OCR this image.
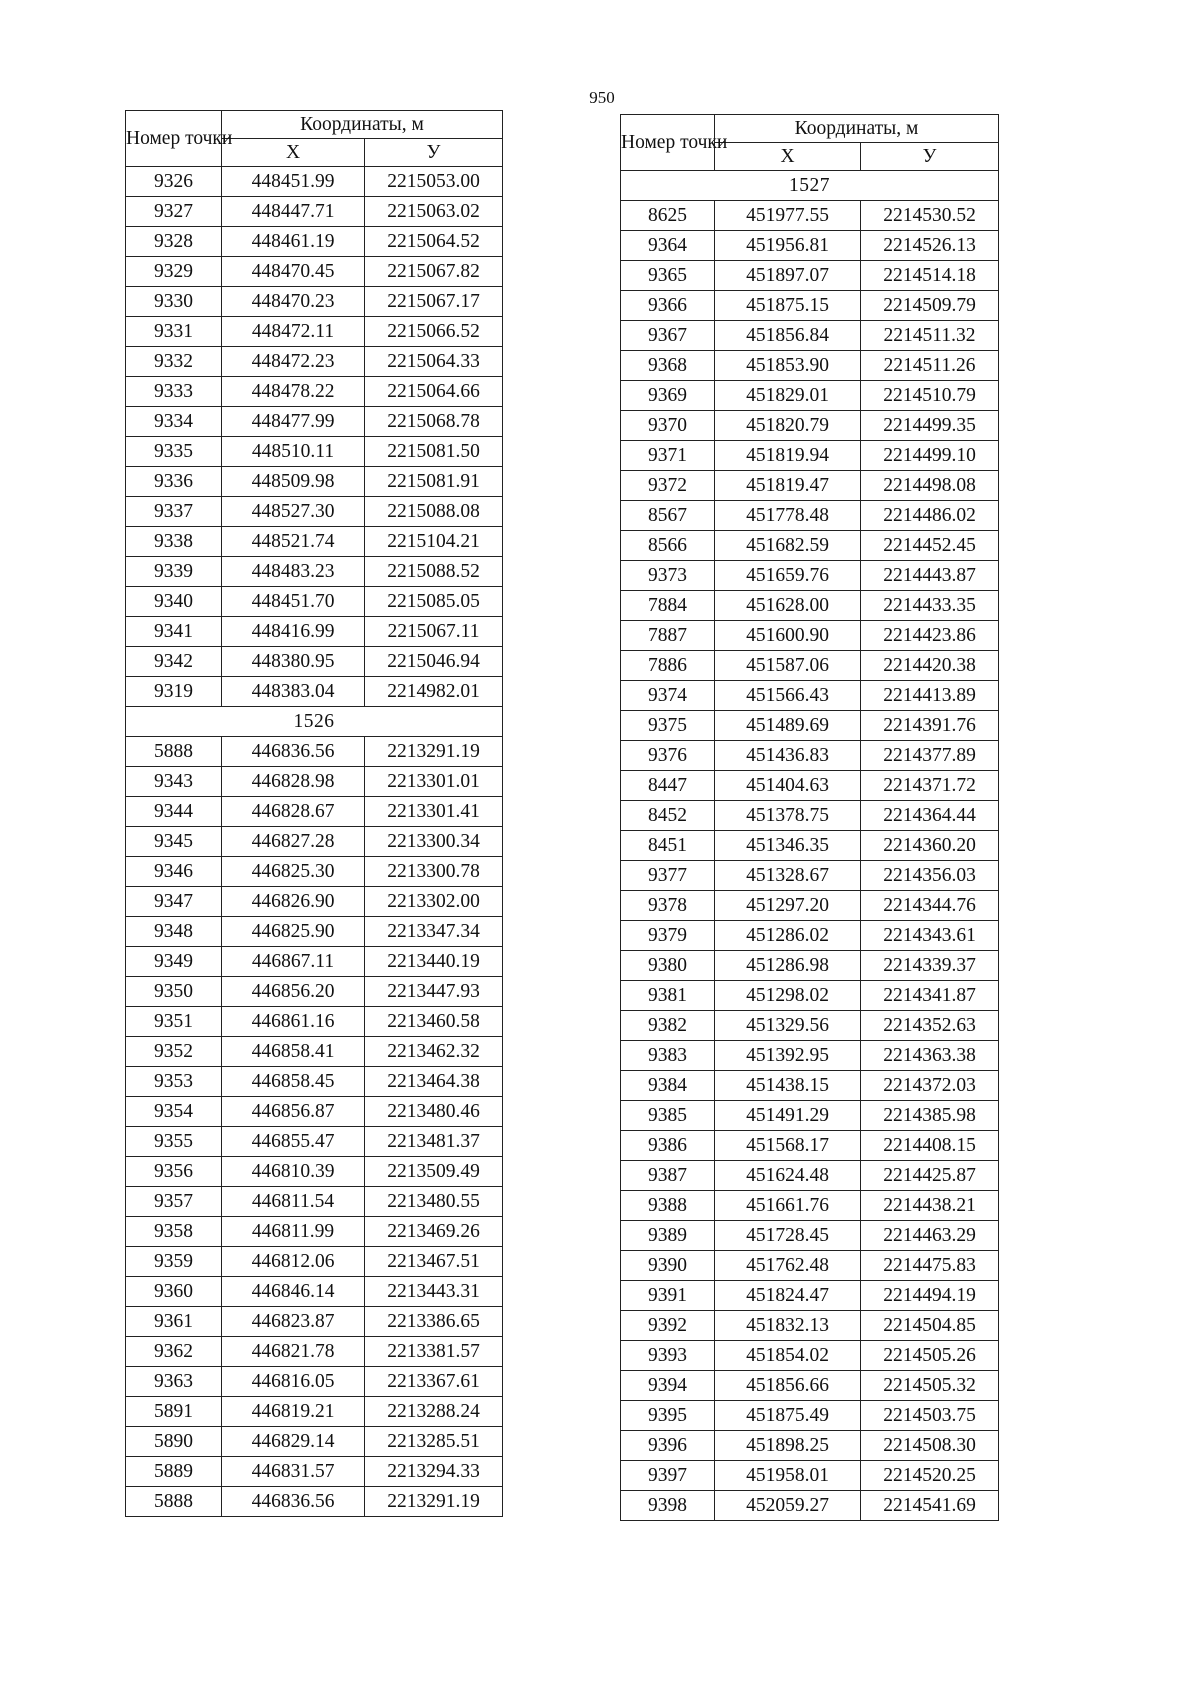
950
Номер точки	Координаты, м	
	X	У
9326	448451.99	2215053.00
9327	448447.71	2215063.02
9328	448461.19	2215064.52
9329	448470.45	2215067.82
9330	448470.23	2215067.17
9331	448472.11	2215066.52
9332	448472.23	2215064.33
9333	448478.22	2215064.66
9334	448477.99	2215068.78
9335	448510.11	2215081.50
9336	448509.98	2215081.91
9337	448527.30	2215088.08
9338	448521.74	2215104.21
9339	448483.23	2215088.52
9340	448451.70	2215085.05
9341	448416.99	2215067.11
9342	448380.95	2215046.94
9319	448383.04	2214982.01
1526		
5888	446836.56	2213291.19
9343	446828.98	2213301.01
9344	446828.67	2213301.41
9345	446827.28	2213300.34
9346	446825.30	2213300.78
9347	446826.90	2213302.00
9348	446825.90	2213347.34
9349	446867.11	2213440.19
9350	446856.20	2213447.93
9351	446861.16	2213460.58
9352	446858.41	2213462.32
9353	446858.45	2213464.38
9354	446856.87	2213480.46
9355	446855.47	2213481.37
9356	446810.39	2213509.49
9357	446811.54	2213480.55
9358	446811.99	2213469.26
9359	446812.06	2213467.51
9360	446846.14	2213443.31
9361	446823.87	2213386.65
9362	446821.78	2213381.57
9363	446816.05	2213367.61
5891	446819.21	2213288.24
5890	446829.14	2213285.51
5889	446831.57	2213294.33
5888	446836.56	2213291.19
Номер точки	Координаты, м	
	X	У
1527		
8625	451977.55	2214530.52
9364	451956.81	2214526.13
9365	451897.07	2214514.18
9366	451875.15	2214509.79
9367	451856.84	2214511.32
9368	451853.90	2214511.26
9369	451829.01	2214510.79
9370	451820.79	2214499.35
9371	451819.94	2214499.10
9372	451819.47	2214498.08
8567	451778.48	2214486.02
8566	451682.59	2214452.45
9373	451659.76	2214443.87
7884	451628.00	2214433.35
7887	451600.90	2214423.86
7886	451587.06	2214420.38
9374	451566.43	2214413.89
9375	451489.69	2214391.76
9376	451436.83	2214377.89
8447	451404.63	2214371.72
8452	451378.75	2214364.44
8451	451346.35	2214360.20
9377	451328.67	2214356.03
9378	451297.20	2214344.76
9379	451286.02	2214343.61
9380	451286.98	2214339.37
9381	451298.02	2214341.87
9382	451329.56	2214352.63
9383	451392.95	2214363.38
9384	451438.15	2214372.03
9385	451491.29	2214385.98
9386	451568.17	2214408.15
9387	451624.48	2214425.87
9388	451661.76	2214438.21
9389	451728.45	2214463.29
9390	451762.48	2214475.83
9391	451824.47	2214494.19
9392	451832.13	2214504.85
9393	451854.02	2214505.26
9394	451856.66	2214505.32
9395	451875.49	2214503.75
9396	451898.25	2214508.30
9397	451958.01	2214520.25
9398	452059.27	2214541.69
